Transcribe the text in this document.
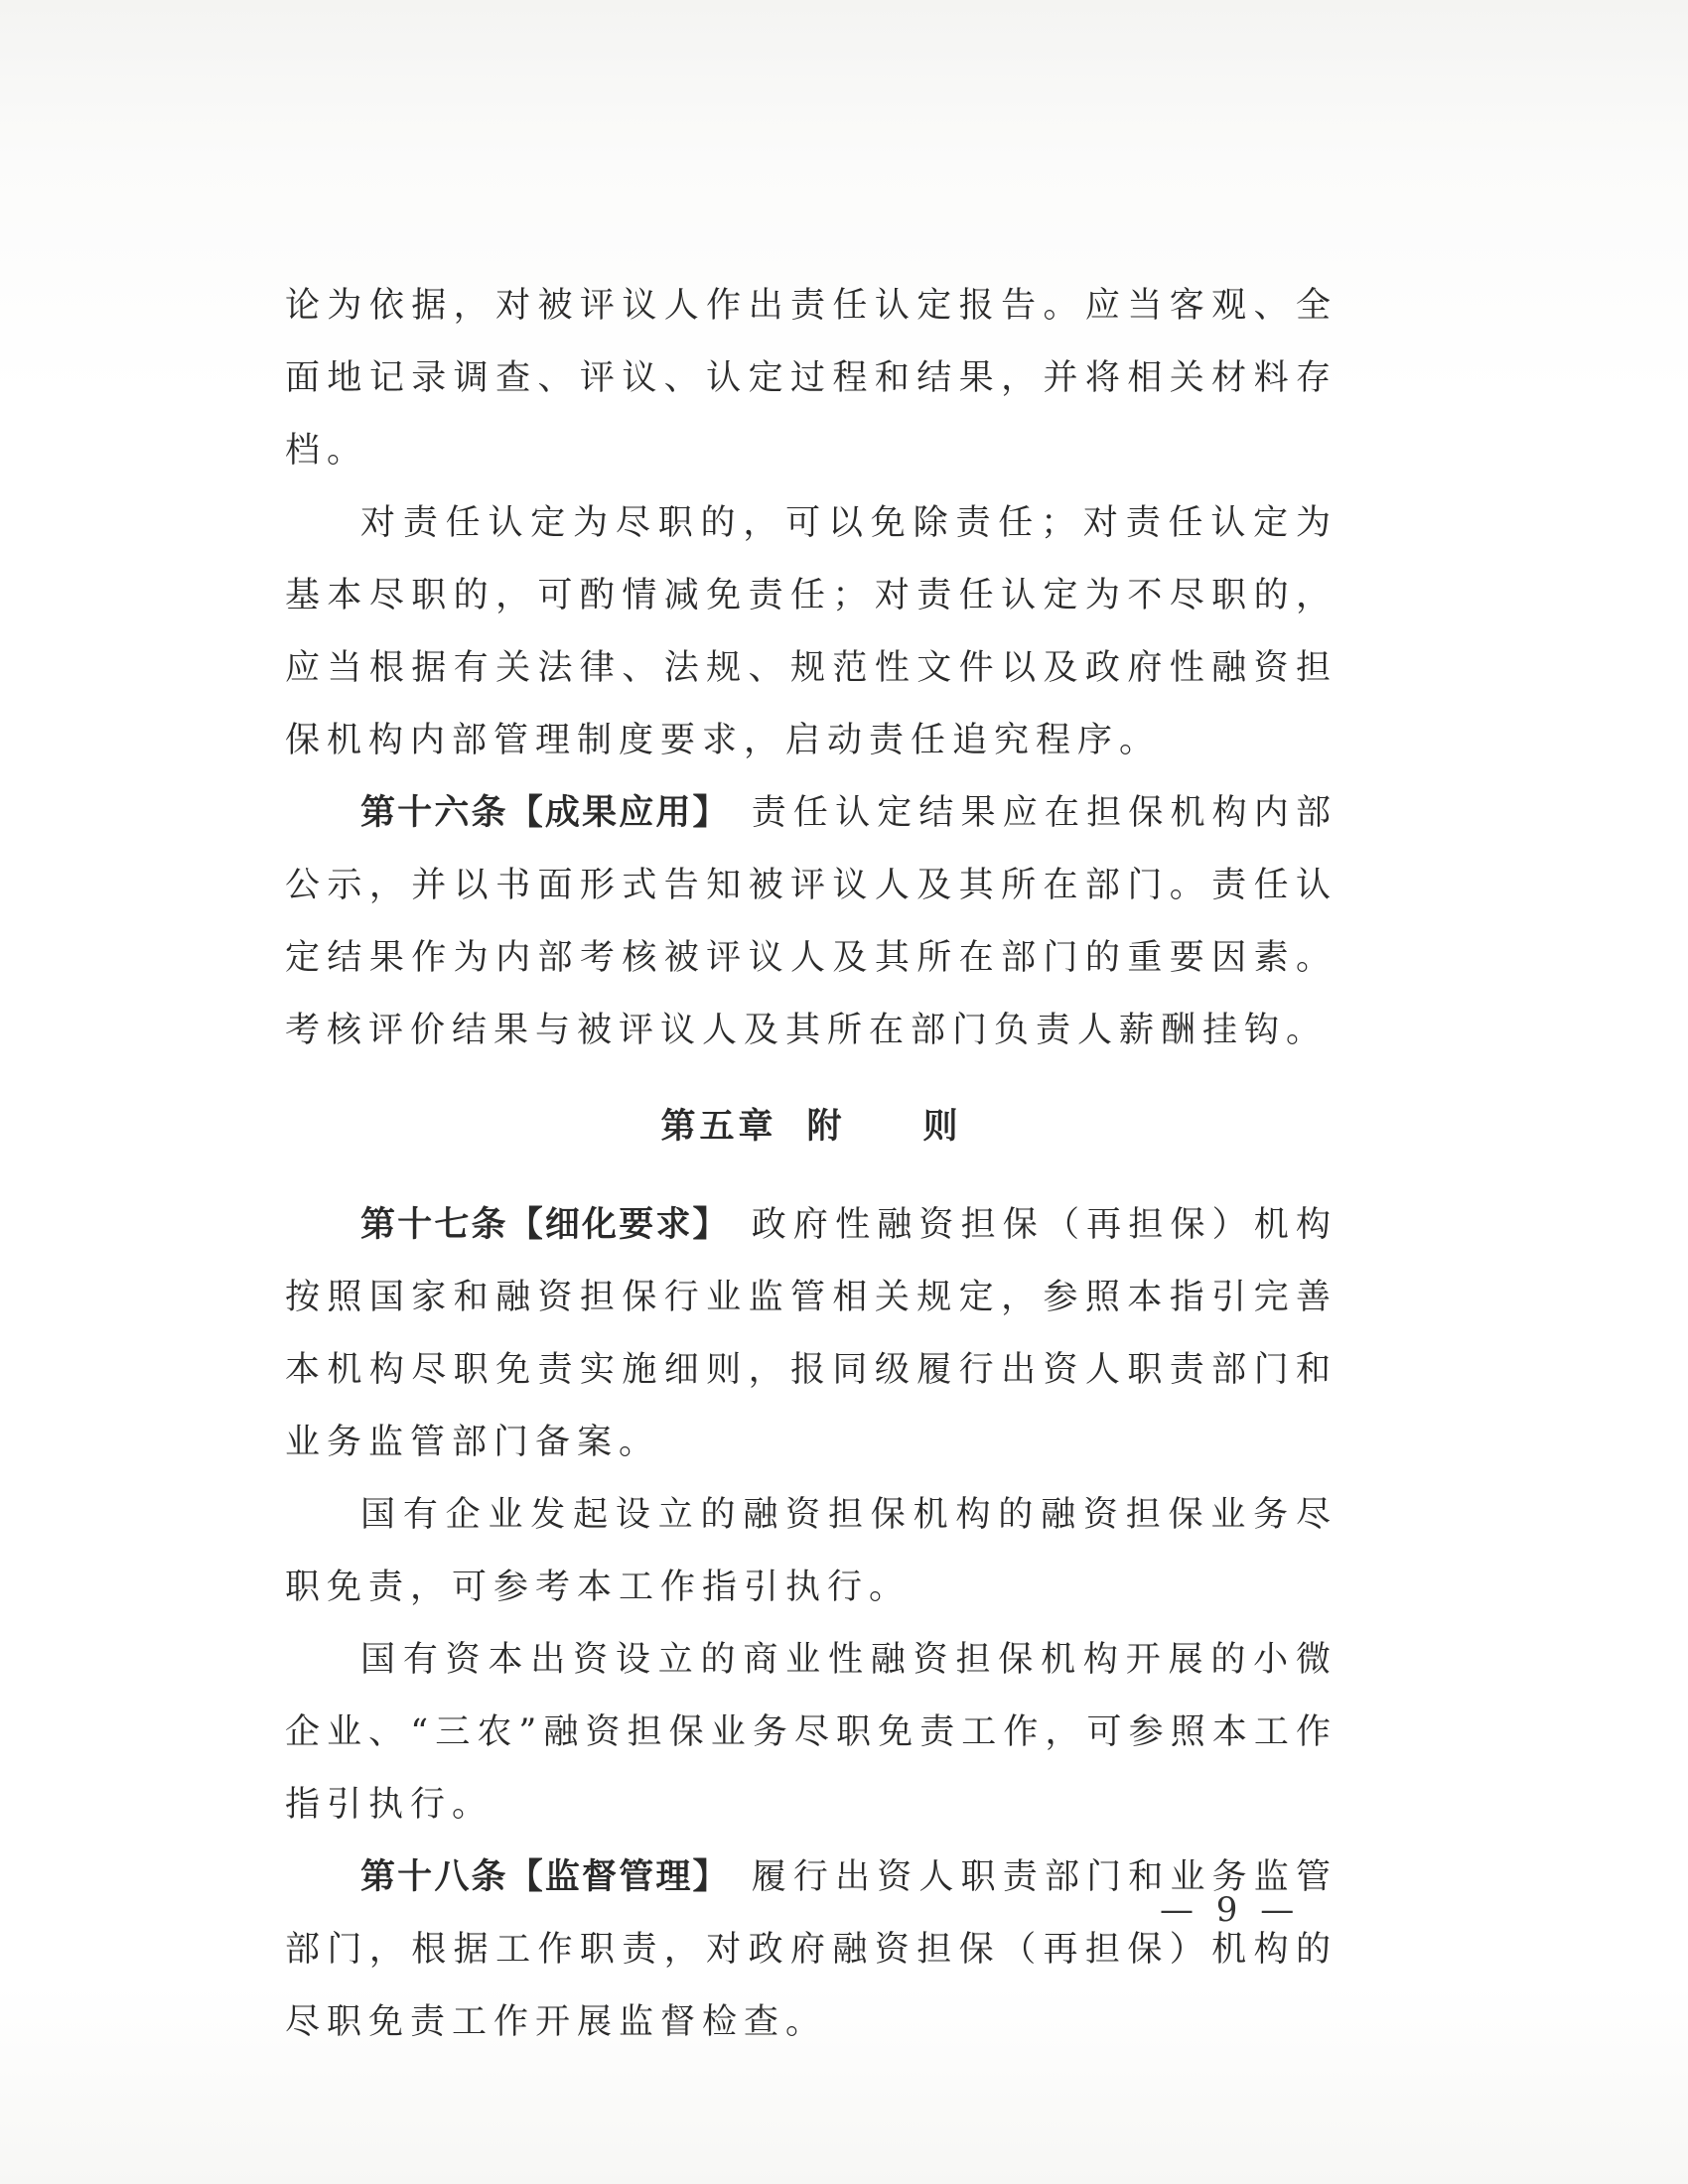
论为依据，对被评议人作出责任认定报告。应当客观、全面地记录调查、评议、认定过程和结果，并将相关材料存档。

对责任认定为尽职的，可以免除责任；对责任认定为基本尽职的，可酌情减免责任；对责任认定为不尽职的，应当根据有关法律、法规、规范性文件以及政府性融资担保机构内部管理制度要求，启动责任追究程序。

第十六条【成果应用】 责任认定结果应在担保机构内部公示，并以书面形式告知被评议人及其所在部门。责任认定结果作为内部考核被评议人及其所在部门的重要因素。考核评价结果与被评议人及其所在部门负责人薪酬挂钩。

第五章 附　　则

第十七条【细化要求】 政府性融资担保（再担保）机构按照国家和融资担保行业监管相关规定，参照本指引完善本机构尽职免责实施细则，报同级履行出资人职责部门和业务监管部门备案。

国有企业发起设立的融资担保机构的融资担保业务尽职免责，可参考本工作指引执行。

国有资本出资设立的商业性融资担保机构开展的小微企业、“三农”融资担保业务尽职免责工作，可参照本工作指引执行。

第十八条【监督管理】 履行出资人职责部门和业务监管部门，根据工作职责，对政府融资担保（再担保）机构的尽职免责工作开展监督检查。

— 9 —
